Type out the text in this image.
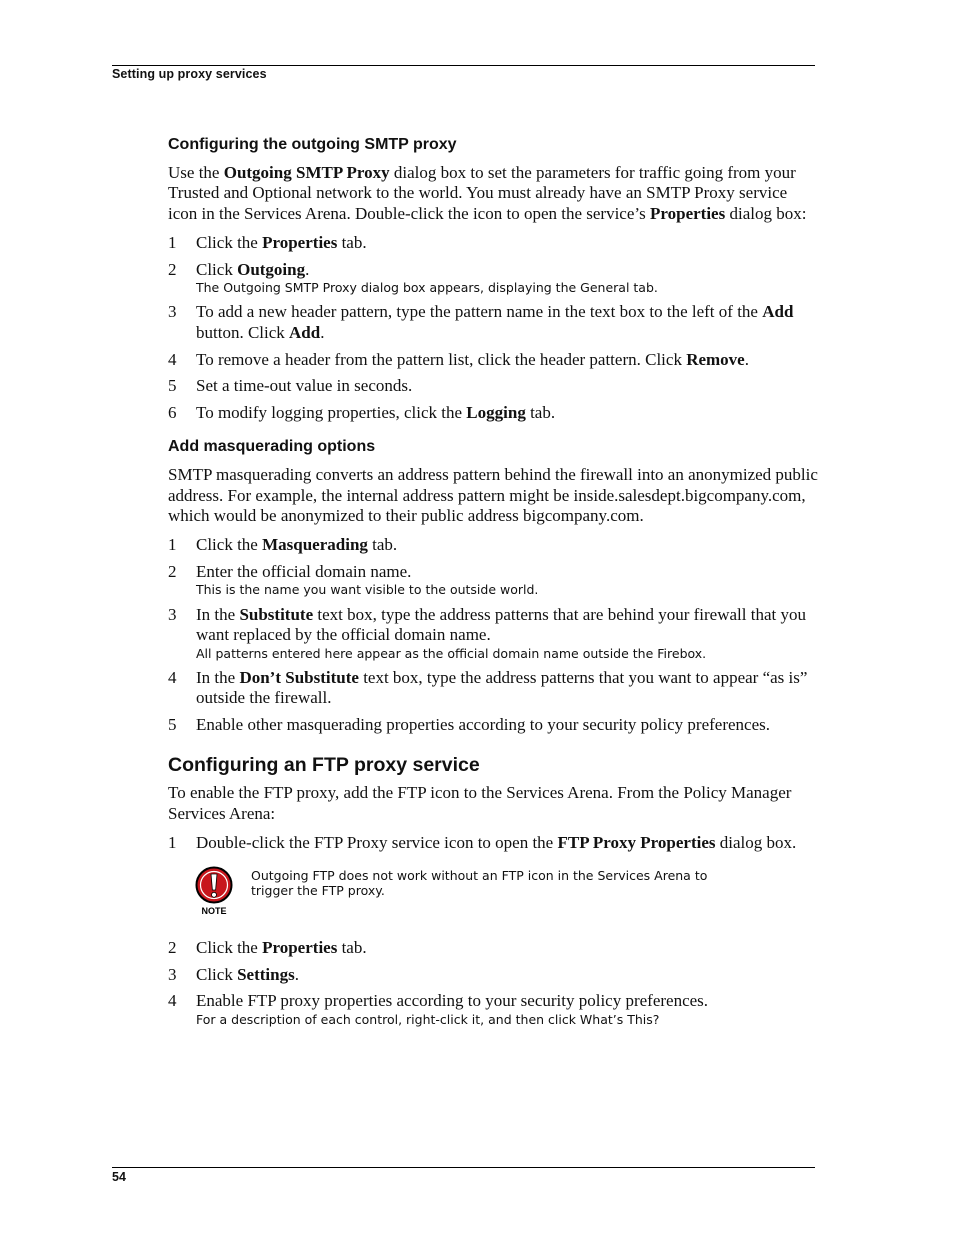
Setting up proxy services
Configuring the outgoing SMTP proxy

Use the Outgoing SMTP Proxy dialog box to set the parameters for traffic going from your Trusted and Optional network to the world. You must already have an SMTP Proxy service icon in the Services Arena. Double-click the icon to open the service’s Properties dialog box:

1 Click the Properties tab.
2 Click Outgoing.
The Outgoing SMTP Proxy dialog box appears, displaying the General tab.
3 To add a new header pattern, type the pattern name in the text box to the left of the Add button. Click Add.
4 To remove a header from the pattern list, click the header pattern. Click Remove.
5 Set a time-out value in seconds.
6 To modify logging properties, click the Logging tab.
Add masquerading options

SMTP masquerading converts an address pattern behind the firewall into an anonymized public address. For example, the internal address pattern might be inside.salesdept.bigcompany.com, which would be anonymized to their public address bigcompany.com.

1 Click the Masquerading tab.
2 Enter the official domain name.
This is the name you want visible to the outside world.
3 In the Substitute text box, type the address patterns that are behind your firewall that you want replaced by the official domain name.
All patterns entered here appear as the official domain name outside the Firebox.
4 In the Don’t Substitute text box, type the address patterns that you want to appear “as is” outside the firewall.
5 Enable other masquerading properties according to your security policy preferences.
Configuring an FTP proxy service

To enable the FTP proxy, add the FTP icon to the Services Arena. From the Policy Manager Services Arena:

1 Double-click the FTP Proxy service icon to open the FTP Proxy Properties dialog box.
NOTE
Outgoing FTP does not work without an FTP icon in the Services Arena to trigger the FTP proxy.
2 Click the Properties tab.
3 Click Settings.
4 Enable FTP proxy properties according to your security policy preferences.
For a description of each control, right-click it, and then click What’s This?
54
